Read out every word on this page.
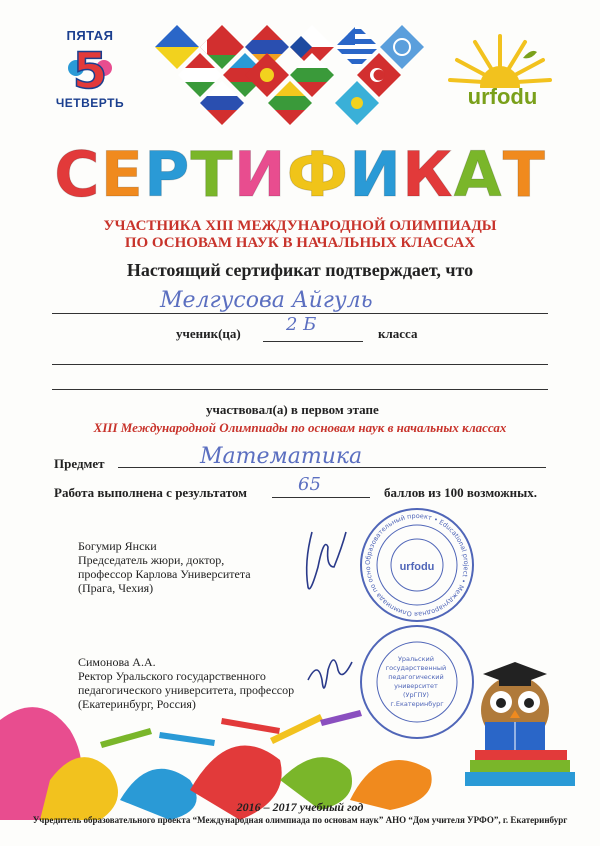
ПЯТАЯ
5
ЧЕТВЕРТЬ	urfodu
СЕРТИФИКАТ
УЧАСТНИКА XIII МЕЖДУНАРОДНОЙ ОЛИМПИАДЫ
ПО ОСНОВАМ НАУК В НАЧАЛЬНЫХ КЛАССАХ
Настоящий сертификат подтверждает, что
Мелгусова Айгуль
ученик(ца)	2 Б	класса
участвовал(а) в первом этапе
XIII Международной Олимпиады по основам наук в начальных классах
Предмет	Математика
Работа выполнена с результатом	65	баллов из 100 возможных.
Богумир Янски
Председатель жюри, доктор,
профессор Карлова Университета
(Прага, Чехия)
Образовательный проект • Educational project • Международная Олимпиада по осно	urfodu
Симонова А.А.
Ректор Уральского государственного
педагогического университета, профессор
(Екатеринбург, Россия)
Уральский государственный педагогический университет (УрГПУ) г.Екатеринбург
2016 – 2017 учебный год
Учредитель образовательного проекта “Международная олимпиада по основам наук” АНО “Дом учителя УРФО”, г. Екатеринбург
